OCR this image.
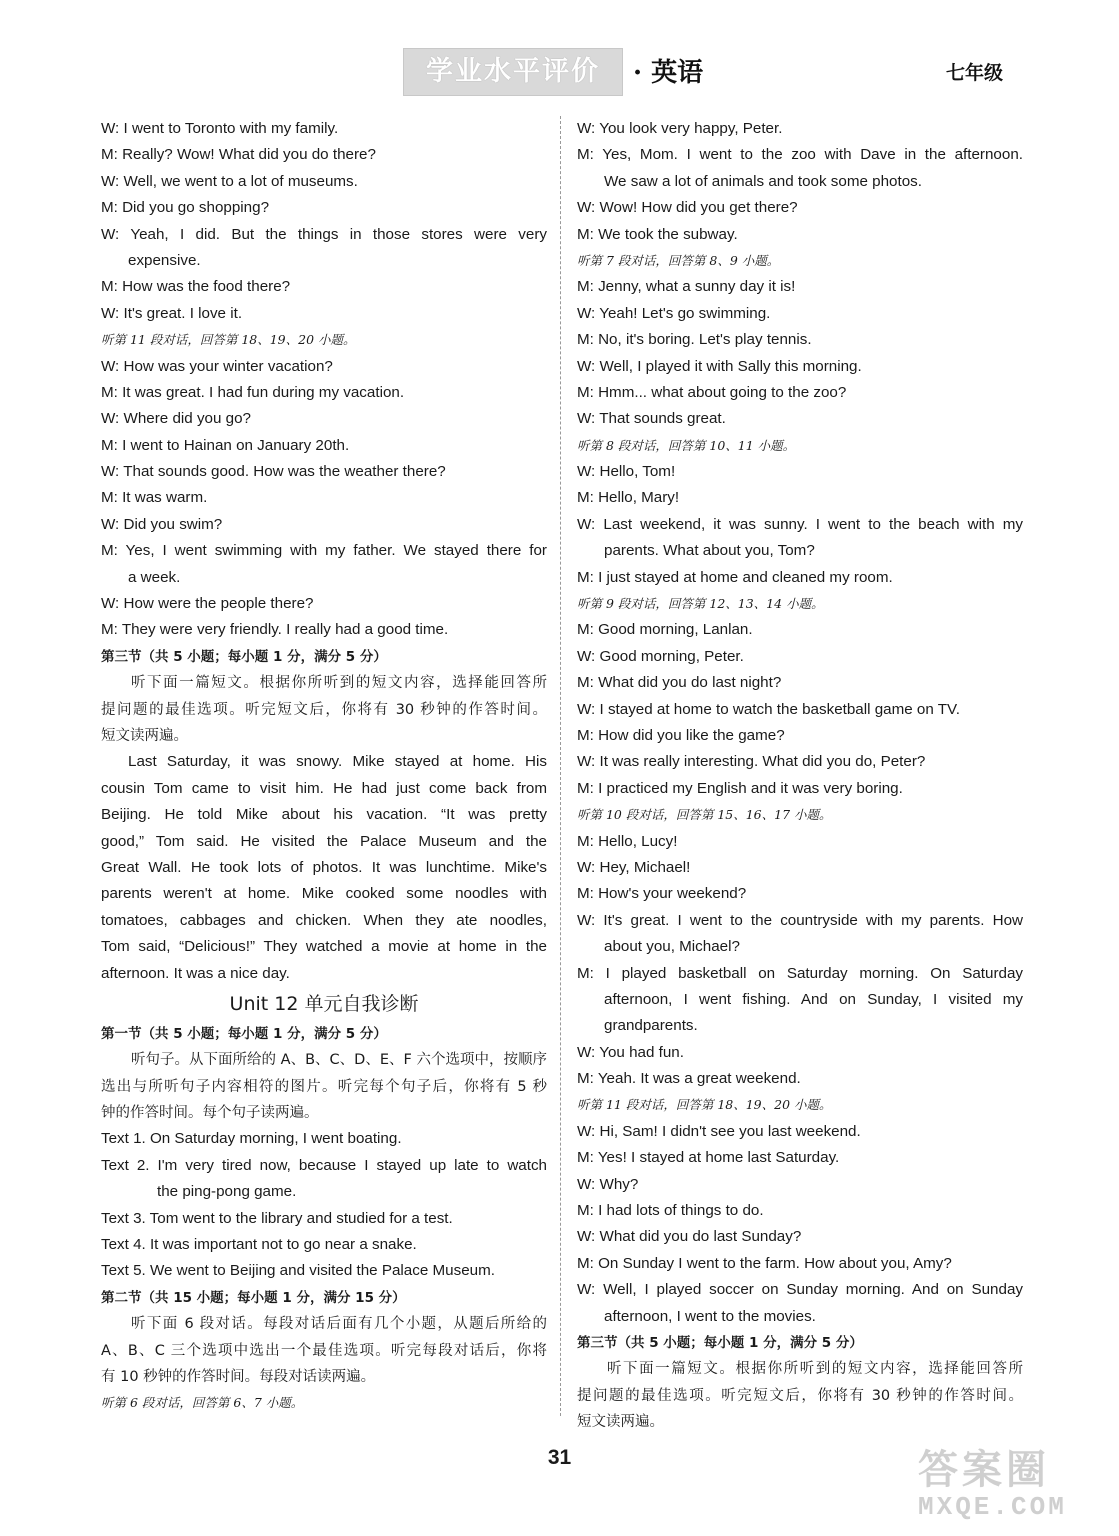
学业水平评价	· 英语	七年级
W: I went to Toronto with my family.
M: Really? Wow! What did you do there?
W: Well, we went to a lot of museums.
M: Did you go shopping?
W: Yeah, I did. But the things in those stores were very
expensive.
M: How was the food there?
W: It's great. I love it.
听第 11 段对话，回答第 18、19、20 小题。
W: How was your winter vacation?
M: It was great. I had fun during my vacation.
W: Where did you go?
M: I went to Hainan on January 20th.
W: That sounds good. How was the weather there?
M: It was warm.
W: Did you swim?
M: Yes, I went swimming with my father. We stayed there for
a week.
W: How were the people there?
M: They were very friendly. I really had a good time.
第三节（共 5 小题；每小题 1 分，满分 5 分）
听下面一篇短文。根据你所听到的短文内容，选择能回答所
提问题的最佳选项。听完短文后，你将有 30 秒钟的作答时间。
短文读两遍。
Last Saturday, it was snowy. Mike stayed at home. His
cousin Tom came to visit him. He had just come back from
Beijing. He told Mike about his vacation. “It was pretty
good,” Tom said. He visited the Palace Museum and the
Great Wall. He took lots of photos. It was lunchtime. Mike's
parents weren't at home. Mike cooked some noodles with
tomatoes, cabbages and chicken. When they ate noodles,
Tom said, “Delicious!” They watched a movie at home in the
afternoon. It was a nice day.
Unit 12 单元自我诊断
第一节（共 5 小题；每小题 1 分，满分 5 分）
听句子。从下面所给的 A、B、C、D、E、F 六个选项中，按顺序
选出与所听句子内容相符的图片。听完每个句子后，你将有 5 秒
钟的作答时间。每个句子读两遍。
Text 1. On Saturday morning, I went boating.
Text 2. I'm very tired now, because I stayed up late to watch
the ping-pong game.
Text 3. Tom went to the library and studied for a test.
Text 4. It was important not to go near a snake.
Text 5. We went to Beijing and visited the Palace Museum.
第二节（共 15 小题；每小题 1 分，满分 15 分）
听下面 6 段对话。每段对话后面有几个小题，从题后所给的
A、B、C 三个选项中选出一个最佳选项。听完每段对话后，你将
有 10 秒钟的作答时间。每段对话读两遍。
听第 6 段对话，回答第 6、7 小题。
W: You look very happy, Peter.
M: Yes, Mom. I went to the zoo with Dave in the afternoon.
We saw a lot of animals and took some photos.
W: Wow! How did you get there?
M: We took the subway.
听第 7 段对话，回答第 8、9 小题。
M: Jenny, what a sunny day it is!
W: Yeah! Let's go swimming.
M: No, it's boring. Let's play tennis.
W: Well, I played it with Sally this morning.
M: Hmm... what about going to the zoo?
W: That sounds great.
听第 8 段对话，回答第 10、11 小题。
W: Hello, Tom!
M: Hello, Mary!
W: Last weekend, it was sunny. I went to the beach with my
parents. What about you, Tom?
M: I just stayed at home and cleaned my room.
听第 9 段对话，回答第 12、13、14 小题。
M: Good morning, Lanlan.
W: Good morning, Peter.
M: What did you do last night?
W: I stayed at home to watch the basketball game on TV.
M: How did you like the game?
W: It was really interesting. What did you do, Peter?
M: I practiced my English and it was very boring.
听第 10 段对话，回答第 15、16、17 小题。
M: Hello, Lucy!
W: Hey, Michael!
M: How's your weekend?
W: It's great. I went to the countryside with my parents. How
about you, Michael?
M: I played basketball on Saturday morning. On Saturday
afternoon, I went fishing. And on Sunday, I visited my
grandparents.
W: You had fun.
M: Yeah. It was a great weekend.
听第 11 段对话，回答第 18、19、20 小题。
W: Hi, Sam! I didn't see you last weekend.
M: Yes! I stayed at home last Saturday.
W: Why?
M: I had lots of things to do.
W: What did you do last Sunday?
M: On Sunday I went to the farm. How about you, Amy?
W: Well, I played soccer on Sunday morning. And on Sunday
afternoon, I went to the movies.
第三节（共 5 小题；每小题 1 分，满分 5 分）
听下面一篇短文。根据你所听到的短文内容，选择能回答所
提问题的最佳选项。听完短文后，你将有 30 秒钟的作答时间。
短文读两遍。
31	答案圈
MXQE.COM
